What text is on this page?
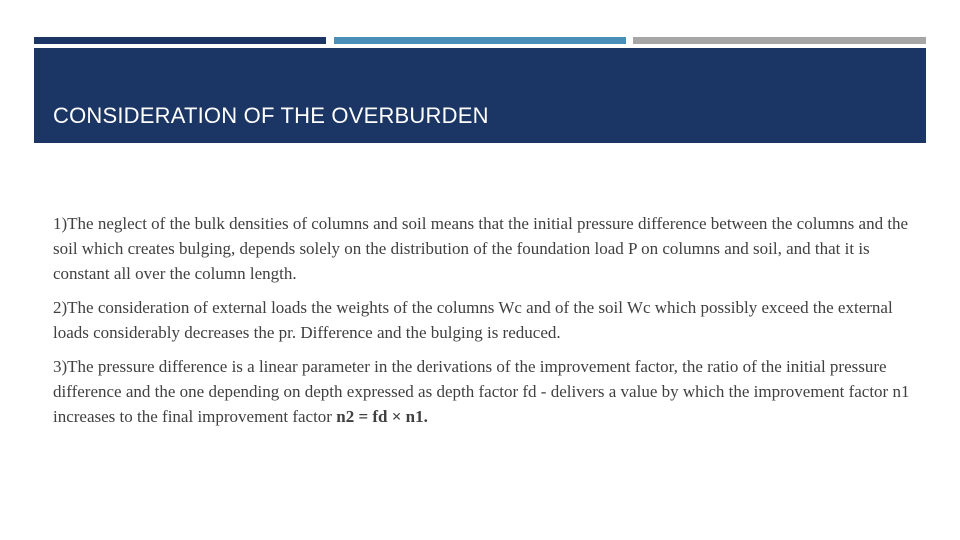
CONSIDERATION OF THE OVERBURDEN

1)The neglect of the bulk densities of columns and soil means that the initial pressure difference between the columns and the soil which creates bulging, depends solely on the distribution of the foundation load P on columns and soil, and that it is constant all over the column length.

2)The consideration of external loads the weights of the columns Wc and of the soil Wc which possibly exceed the external loads considerably decreases the pr. Difference and the bulging is reduced.

3)The pressure difference is a linear parameter in the derivations of the improvement factor, the ratio of the initial pressure difference and the one depending on depth expressed as depth factor fd - delivers a value by which the improvement factor n1 increases to the final improvement factor n2 = fd × n1.
